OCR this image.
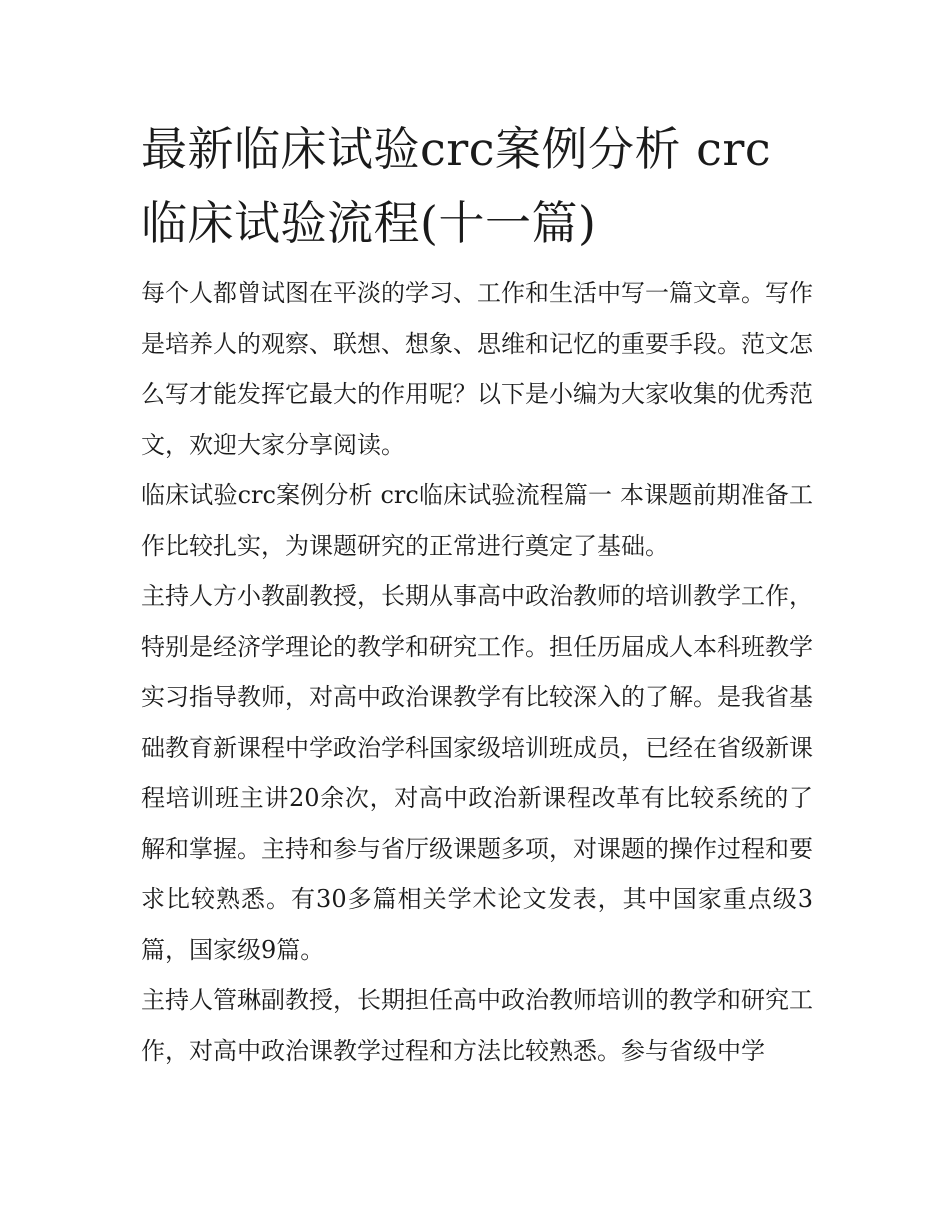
最新临床试验crc案例分析 crc临床试验流程(十一篇)

每个人都曾试图在平淡的学习、工作和生活中写一篇文章。写作是培养人的观察、联想、想象、思维和记忆的重要手段。范文怎么写才能发挥它最大的作用呢？以下是小编为大家收集的优秀范文，欢迎大家分享阅读。

临床试验crc案例分析 crc临床试验流程篇一 本课题前期准备工作比较扎实，为课题研究的正常进行奠定了基础。

主持人方小教副教授，长期从事高中政治教师的培训教学工作，特别是经济学理论的教学和研究工作。担任历届成人本科班教学实习指导教师，对高中政治课教学有比较深入的了解。是我省基础教育新课程中学政治学科国家级培训班成员，已经在省级新课程培训班主讲20余次，对高中政治新课程改革有比较系统的了解和掌握。主持和参与省厅级课题多项，对课题的操作过程和要求比较熟悉。有30多篇相关学术论文发表，其中国家重点级3篇，国家级9篇。

主持人管琳副教授，长期担任高中政治教师培训的教学和研究工作，对高中政治课教学过程和方法比较熟悉。参与省级中学
